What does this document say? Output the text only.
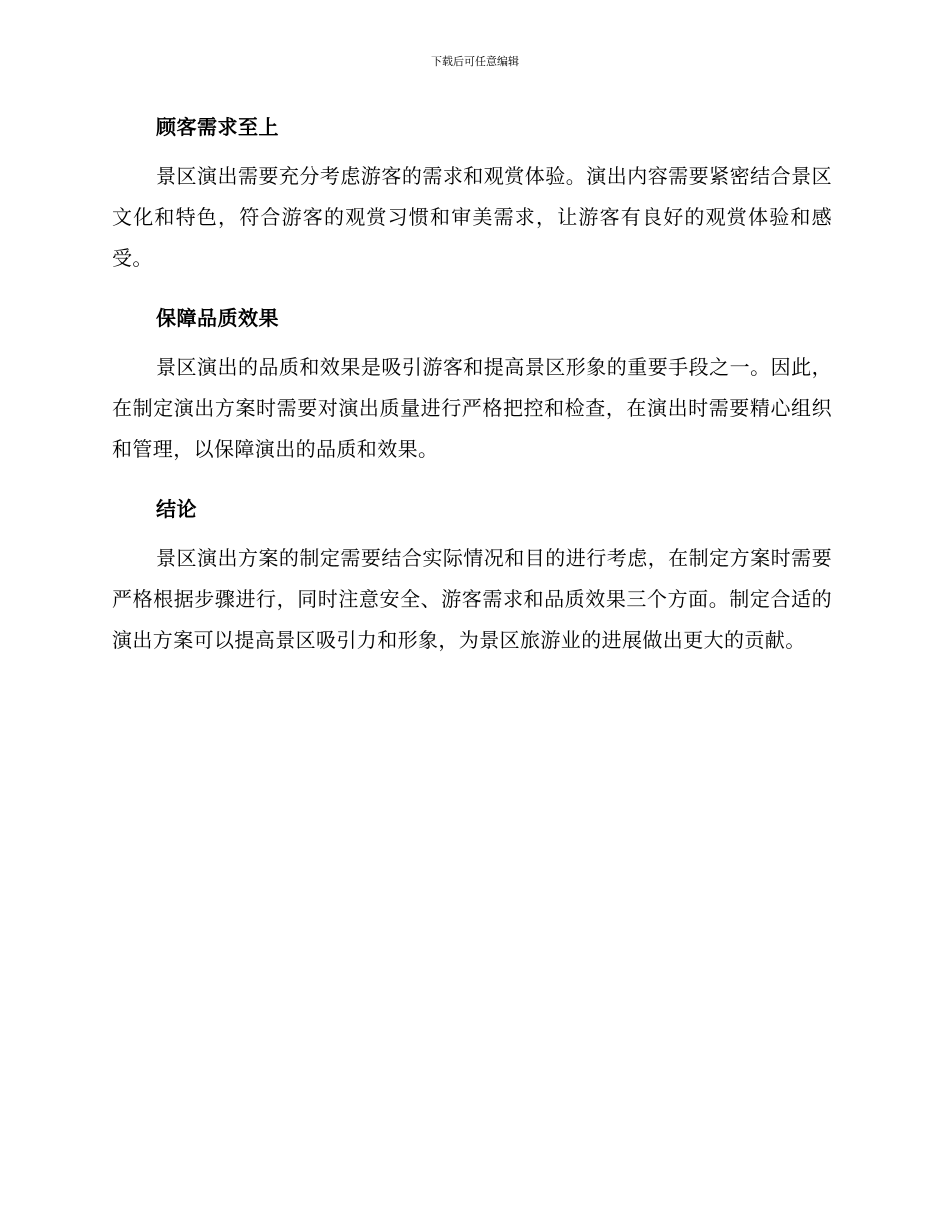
下载后可任意编辑
顾客需求至上

景区演出需要充分考虑游客的需求和观赏体验。演出内容需要紧密结合景区文化和特色，符合游客的观赏习惯和审美需求，让游客有良好的观赏体验和感受。

保障品质效果

景区演出的品质和效果是吸引游客和提高景区形象的重要手段之一。因此，在制定演出方案时需要对演出质量进行严格把控和检查，在演出时需要精心组织和管理，以保障演出的品质和效果。

结论

景区演出方案的制定需要结合实际情况和目的进行考虑，在制定方案时需要严格根据步骤进行，同时注意安全、游客需求和品质效果三个方面。制定合适的演出方案可以提高景区吸引力和形象，为景区旅游业的进展做出更大的贡献。
